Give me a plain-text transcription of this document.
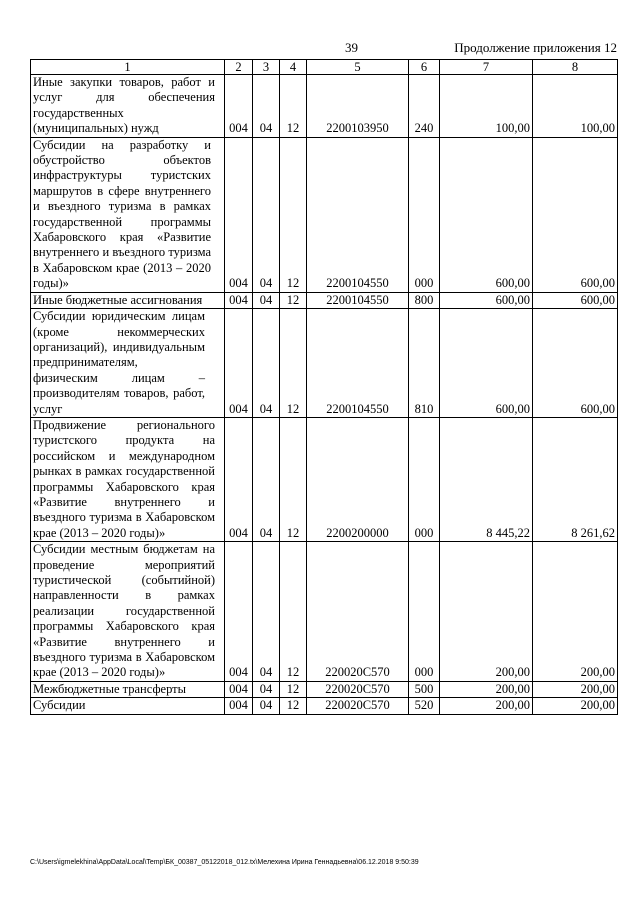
39	Продолжение приложения 12
1	2	3	4	5	6	7	8

Иные закупки товаров, работ и услуг для обеспечения государственных (муниципальных) нужд	004	04	12	2200103950	240	100,00	100,00

Субсидии на разработку и обустройство объектов инфраструктуры туристских маршрутов в сфере внутреннего и въездного туризма в рамках государственной программы Хабаровского края «Развитие внутреннего и въездного туризма в Хабаровском крае (2013 – 2020 годы)»	004	04	12	2200104550	000	600,00	600,00

Иные бюджетные ассигнования	004	04	12	2200104550	800	600,00	600,00

Субсидии юридическим лицам (кроме некоммерческих организаций), индивидуальным предпринимателям, физическим лицам – производителям товаров, работ, услуг	004	04	12	2200104550	810	600,00	600,00

Продвижение регионального туристского продукта на российском и международном рынках в рамках государственной программы Хабаровского края «Развитие внутреннего и въездного туризма в Хабаровском крае (2013 – 2020 годы)»	004	04	12	2200200000	000	8 445,22	8 261,62

Субсидии местным бюджетам на проведение мероприятий туристической (событийной) направленности в рамках реализации государственной программы Хабаровского края «Развитие внутреннего и въездного туризма в Хабаровском крае (2013 – 2020 годы)»	004	04	12	220020С570	000	200,00	200,00

Межбюджетные трансферты	004	04	12	220020С570	500	200,00	200,00

Субсидии	004	04	12	220020С570	520	200,00	200,00
C:\Users\igmelekhina\AppData\Local\Temp\БК_00387_05122018_012.tx\Мелехина Ирина Геннадьевна\06.12.2018 9:50:39
